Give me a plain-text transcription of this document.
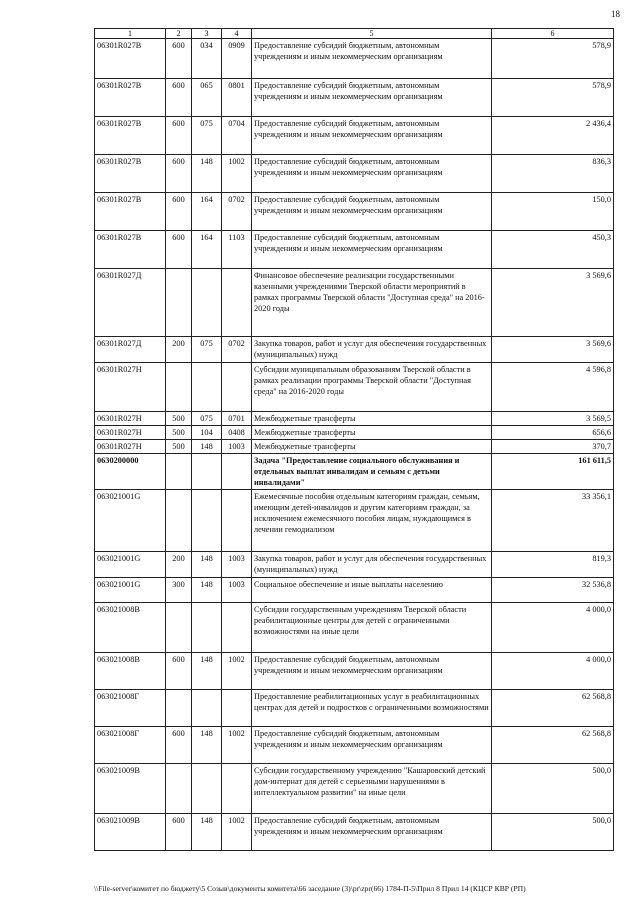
18
1	2	3	4	5	6
06301R027В	600	034	0909	Предоставление субсидий бюджетным, автономным учреждениям и иным некоммерческим организациям	578,9
06301R027В	600	065	0801	Предоставление субсидий бюджетным, автономным учреждениям и иным некоммерческим организациям	578,9
06301R027В	600	075	0704	Предоставление субсидий бюджетным, автономным учреждениям и иным некоммерческим организациям	2 436,4
06301R027В	600	148	1002	Предоставление субсидий бюджетным, автономным учреждениям и иным некоммерческим организациям	836,3
06301R027В	600	164	0702	Предоставление субсидий бюджетным, автономным учреждениям и иным некоммерческим организациям	150,0
06301R027В	600	164	1103	Предоставление субсидий бюджетным, автономным учреждениям и иным некоммерческим организациям	450,3
06301R027Д				Финансовое обеспечение реализации государственными казенными учреждениями Тверской области мероприятий в рамках программы Тверской области "Доступная среда" на 2016-2020 годы	3 569,6
06301R027Д	200	075	0702	Закупка товаров, работ и услуг для обеспечения государственных (муниципальных) нужд	3 569,6
06301R027Н				Субсидии муниципальным образованиям Тверской области в рамках реализации программы Тверской области "Доступная среда" на 2016-2020 годы	4 596,8
06301R027Н	500	075	0701	Межбюджетные трансферты	3 569,5
06301R027Н	500	104	0408	Межбюджетные трансферты	656,6
06301R027Н	500	148	1003	Межбюджетные трансферты	370,7
0630200000				Задача "Предоставление социального обслуживания и отдельных выплат инвалидам и семьям с детьми инвалидами"	161 611,5
063021001G				Ежемесячные пособия отдельным категориям граждан, семьям, имеющим детей-инвалидов и другим категориям граждан, за исключением ежемесячного пособия лицам, нуждающимся в лечении гемодиализом	33 356,1
063021001G	200	148	1003	Закупка товаров, работ и услуг для обеспечения государственных (муниципальных) нужд	819,3
063021001G	300	148	1003	Социальное обеспечение и иные выплаты населению	32 536,8
063021008В				Субсидии государственным учреждениям Тверской области реабилитационные центры для детей с ограниченными возможностями на иные цели	4 000,0
063021008В	600	148	1002	Предоставление субсидий бюджетным, автономным учреждениям и иным некоммерческим организациям	4 000,0
063021008Г				Предоставление реабилитационных услуг в реабилитационных центрах для детей и подростков с ограниченными возможностями	62 568,8
063021008Г	600	148	1002	Предоставление субсидий бюджетным, автономным учреждениям и иным некоммерческим организациям	62 568,8
063021009В				Субсидии государственному учреждению "Кашаровский детский дом-интернат для детей с серьезными нарушениями в интеллектуальном развитии" на иные цели	500,0
063021009В	600	148	1002	Предоставление субсидий бюджетным, автономным учреждениям и иным некоммерческим организациям	500,0
\\File-server\комитет по бюджету\5 Созыв\документы комитета\66 заседание (3)\pr\zpr(66) 1784-П-5\Прил 8 Прил 14 (КЦСР КВР (РП)
